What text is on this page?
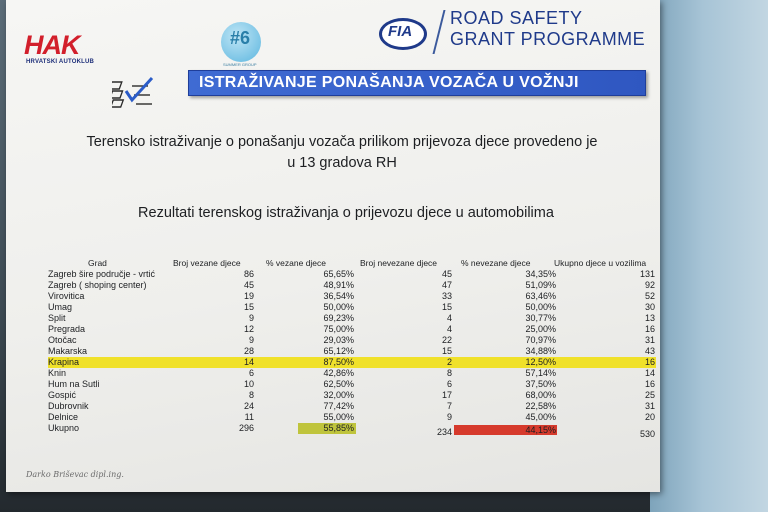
HAK
HRVATSKI AUTOKLUB
#6
SUMMER GROUP
FIA
ROAD SAFETY
GRANT PROGRAMME
ISTRAŽIVANJE PONAŠANJA VOZAČA U VOŽNJI
Terensko istraživanje o ponašanju vozača prilikom prijevoza djece provedeno je
u 13 gradova RH
Rezultati terenskog istraživanja o prijevozu djece u automobilima
Grad	Broj vezane djece	% vezane djece	Broj nevezane djece	% nevezane djece	Ukupno djece u vozilima
Zagreb šire područje - vrtić	86	65,65%	45	34,35%	131
Zagreb ( shoping center)	45	48,91%	47	51,09%	92
Virovitica	19	36,54%	33	63,46%	52
Umag	15	50,00%	15	50,00%	30
Split	9	69,23%	4	30,77%	13
Pregrada	12	75,00%	4	25,00%	16
Otočac	9	29,03%	22	70,97%	31
Makarska	28	65,12%	15	34,88%	43
Krapina	14	87,50%	2	12,50%	16
Knin	6	42,86%	8	57,14%	14
Hum na Sutli	10	62,50%	6	37,50%	16
Gospić	8	32,00%	17	68,00%	25
Dubrovnik	24	77,42%	7	22,58%	31
Delnice	11	55,00%	9	45,00%	20
Ukupno	296	55,85%	234	44,15%	530
Darko Briševac dipl.ing.
